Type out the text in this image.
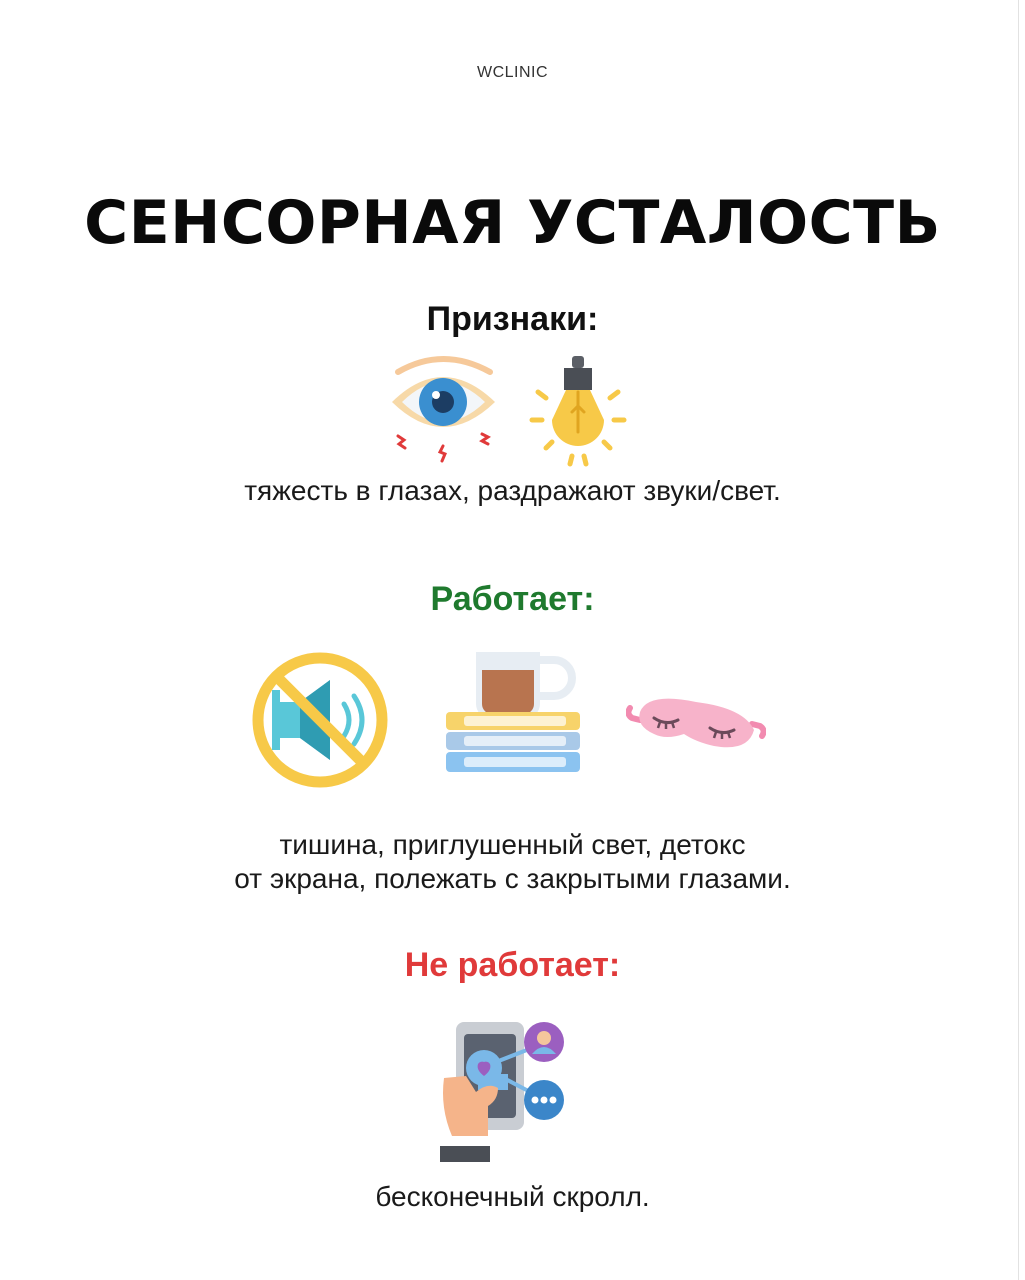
WCLINIC
СЕНСОРНАЯ УСТАЛОСТЬ
Признаки:
тяжесть в глазах, раздражают звуки/свет.
Работает:
тишина, приглушенный свет, детокс
от экрана, полежать с закрытыми глазами.
Не работает:
бесконечный скролл.
